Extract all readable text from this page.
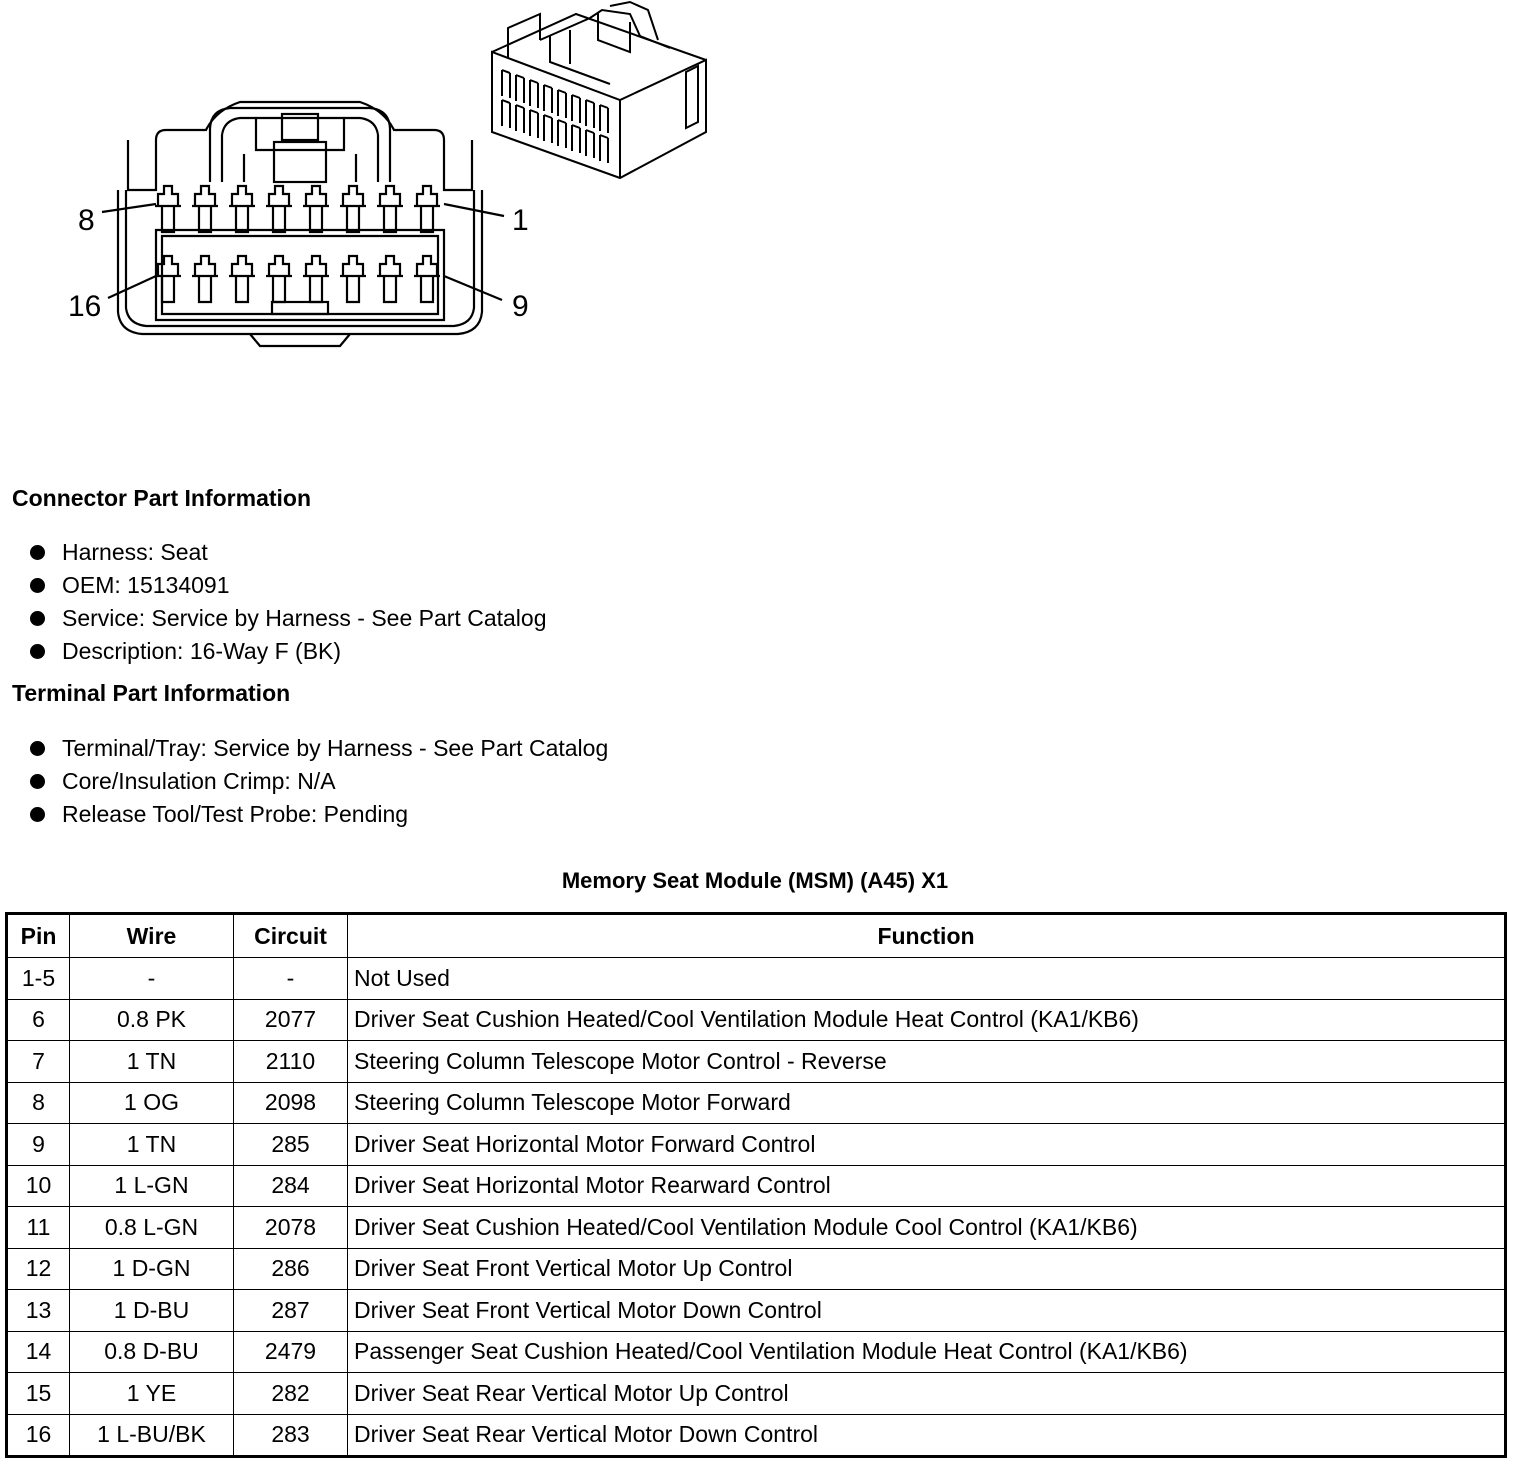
8	1
16	9
Connector Part Information
Harness: Seat
OEM: 15134091
Service: Service by Harness - See Part Catalog
Description: 16-Way F (BK)
Terminal Part Information
Terminal/Tray: Service by Harness - See Part Catalog
Core/Insulation Crimp: N/A
Release Tool/Test Probe: Pending
Memory Seat Module (MSM) (A45) X1
Pin	Wire	Circuit	Function
1-5	-	-	Not Used
6	0.8 PK	2077	Driver Seat Cushion Heated/Cool Ventilation Module Heat Control (KA1/KB6)
7	1 TN	2110	Steering Column Telescope Motor Control - Reverse
8	1 OG	2098	Steering Column Telescope Motor Forward
9	1 TN	285	Driver Seat Horizontal Motor Forward Control
10	1 L-GN	284	Driver Seat Horizontal Motor Rearward Control
11	0.8 L-GN	2078	Driver Seat Cushion Heated/Cool Ventilation Module Cool Control (KA1/KB6)
12	1 D-GN	286	Driver Seat Front Vertical Motor Up Control
13	1 D-BU	287	Driver Seat Front Vertical Motor Down Control
14	0.8 D-BU	2479	Passenger Seat Cushion Heated/Cool Ventilation Module Heat Control (KA1/KB6)
15	1 YE	282	Driver Seat Rear Vertical Motor Up Control
16	1 L-BU/BK	283	Driver Seat Rear Vertical Motor Down Control
